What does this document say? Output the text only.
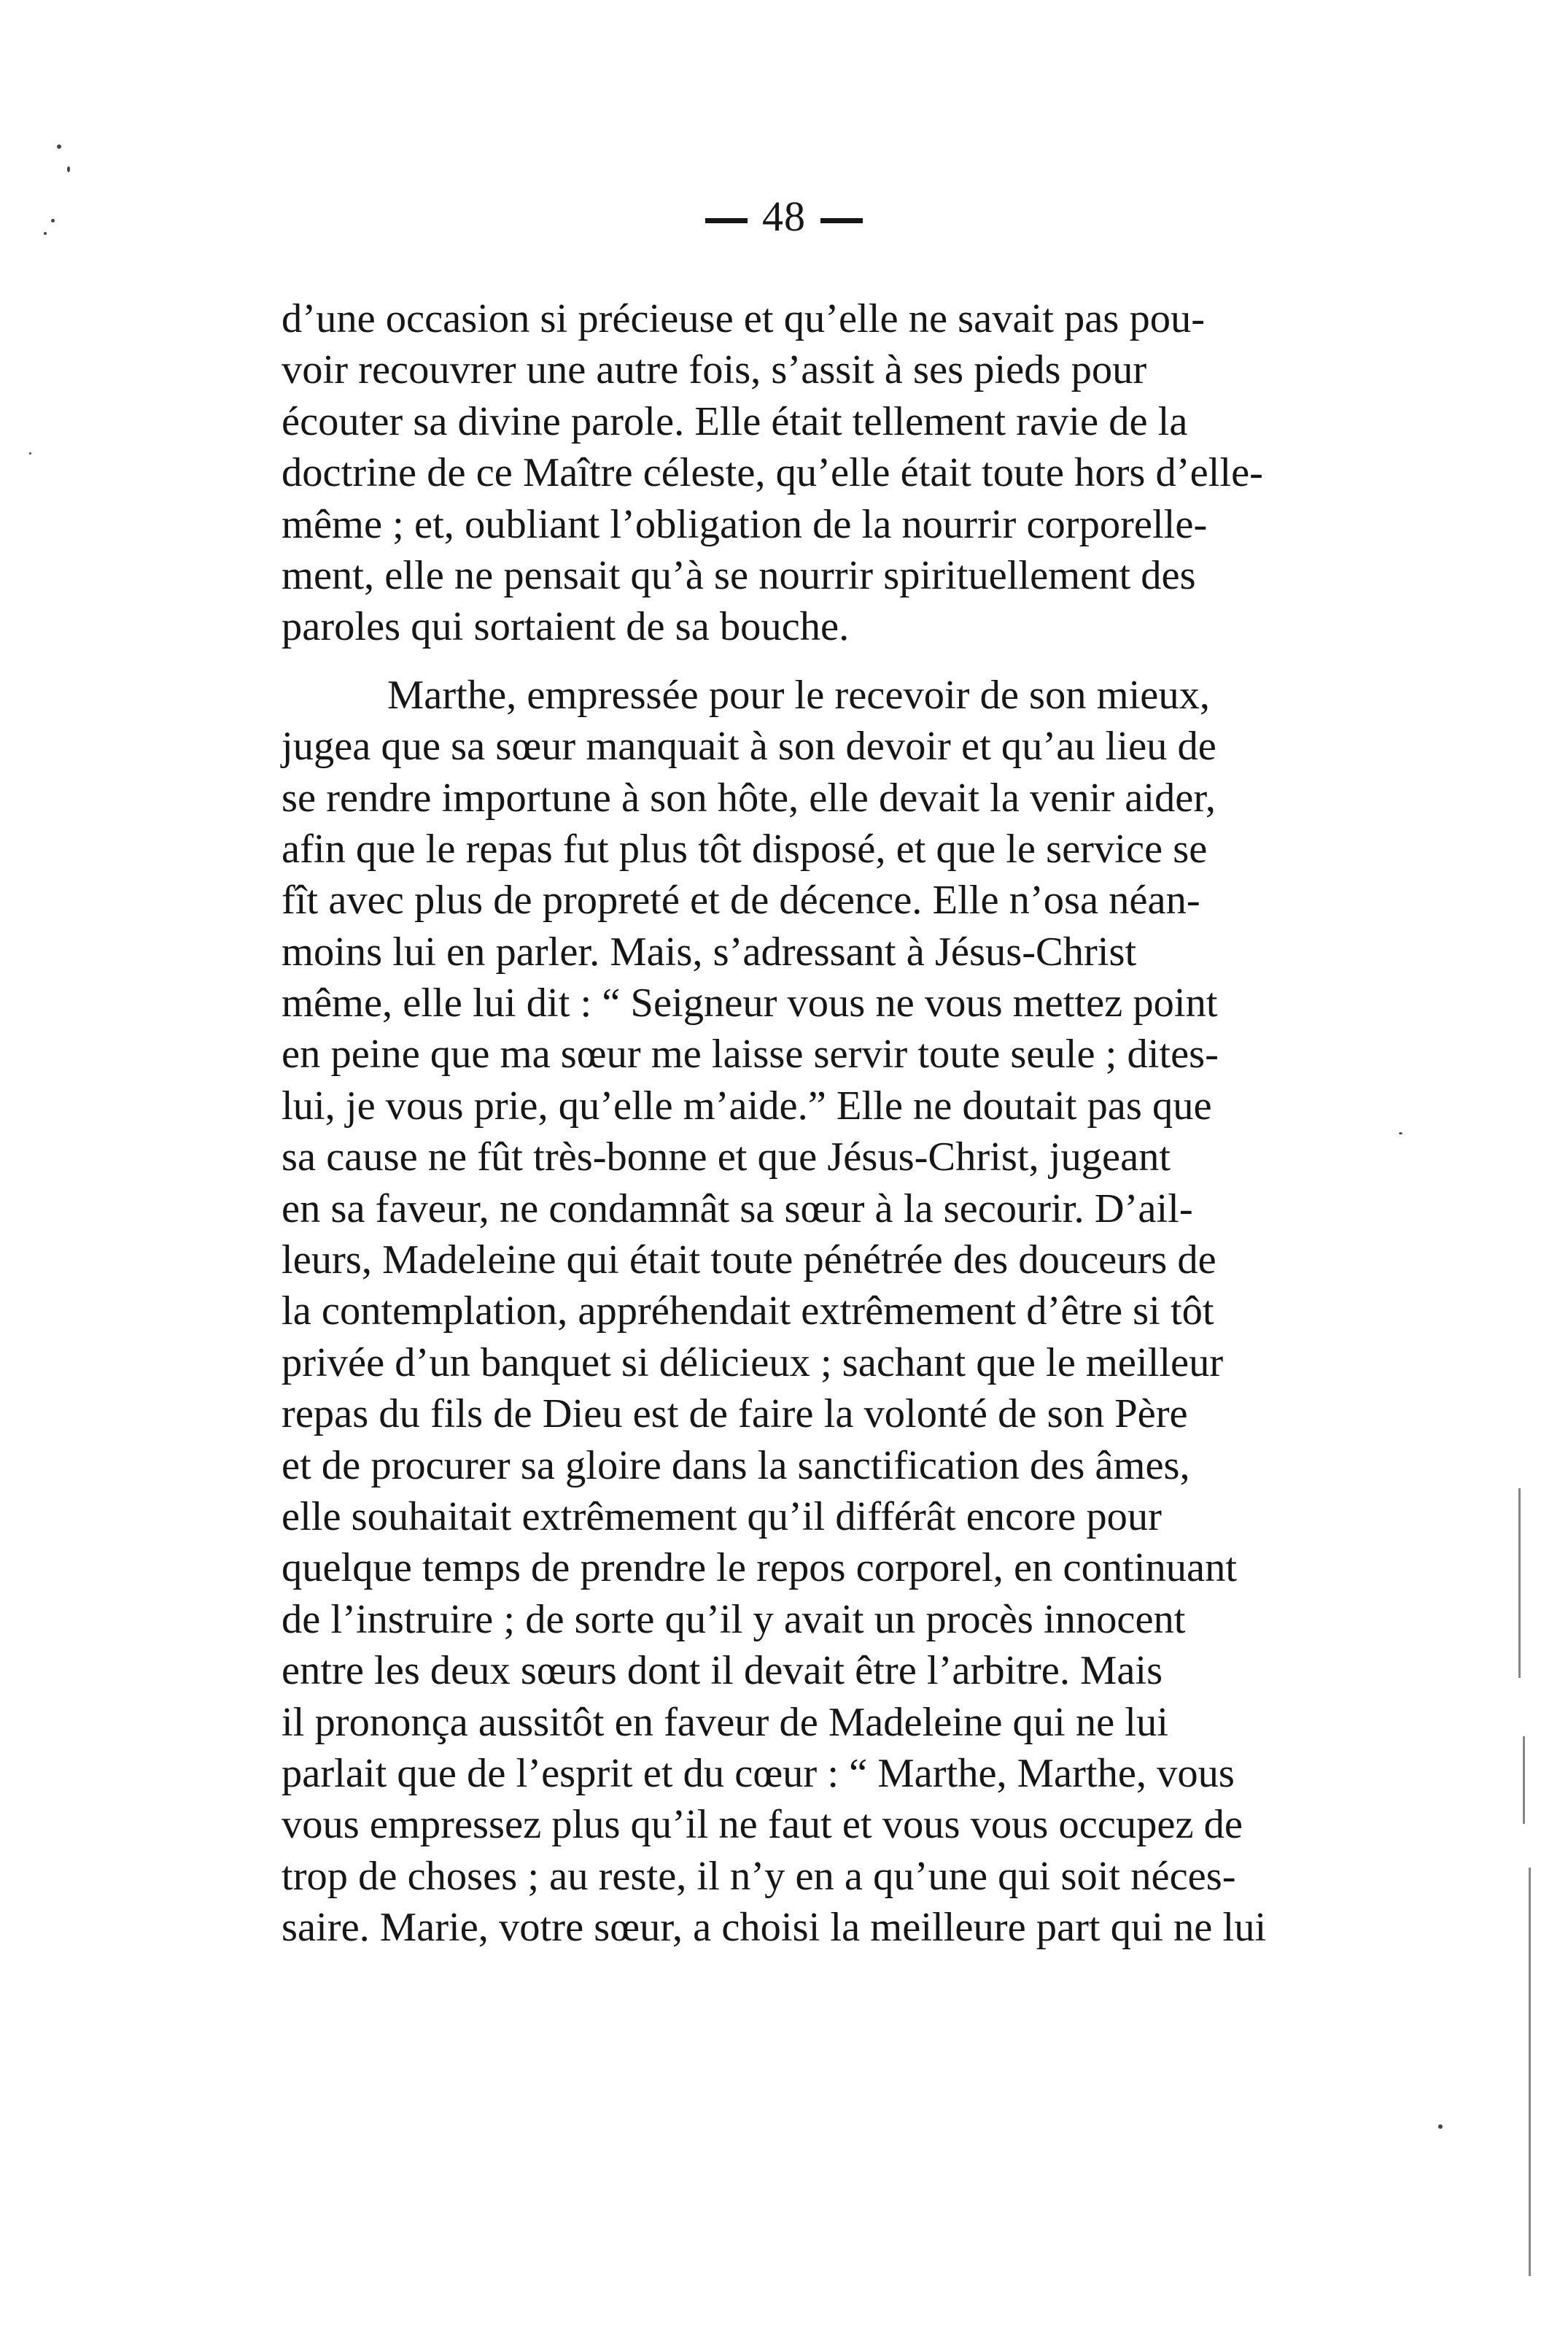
48
d’une occasion si précieuse et qu’elle ne savait pas pou-
voir recouvrer une autre fois, s’assit à ses pieds pour
écouter sa divine parole. Elle était tellement ravie de la
doctrine de ce Maître céleste, qu’elle était toute hors d’elle-
même ; et, oubliant l’obligation de la nourrir corporelle-
ment, elle ne pensait qu’à se nourrir spirituellement des
paroles qui sortaient de sa bouche.
Marthe, empressée pour le recevoir de son mieux,
jugea que sa sœur manquait à son devoir et qu’au lieu de
se rendre importune à son hôte, elle devait la venir aider,
afin que le repas fut plus tôt disposé, et que le service se
fît avec plus de propreté et de décence. Elle n’osa néan-
moins lui en parler. Mais, s’adressant à Jésus-Christ
même, elle lui dit : “ Seigneur vous ne vous mettez point
en peine que ma sœur me laisse servir toute seule ; dites-
lui, je vous prie, qu’elle m’aide.” Elle ne doutait pas que
sa cause ne fût très-bonne et que Jésus-Christ, jugeant
en sa faveur, ne condamnât sa sœur à la secourir. D’ail-
leurs, Madeleine qui était toute pénétrée des douceurs de
la contemplation, appréhendait extrêmement d’être si tôt
privée d’un banquet si délicieux ; sachant que le meilleur
repas du fils de Dieu est de faire la volonté de son Père
et de procurer sa gloire dans la sanctification des âmes,
elle souhaitait extrêmement qu’il différât encore pour
quelque temps de prendre le repos corporel, en continuant
de l’instruire ; de sorte qu’il y avait un procès innocent
entre les deux sœurs dont il devait être l’arbitre. Mais
il prononça aussitôt en faveur de Madeleine qui ne lui
parlait que de l’esprit et du cœur : “ Marthe, Marthe, vous
vous empressez plus qu’il ne faut et vous vous occupez de
trop de choses ; au reste, il n’y en a qu’une qui soit néces-
saire. Marie, votre sœur, a choisi la meilleure part qui ne lui
